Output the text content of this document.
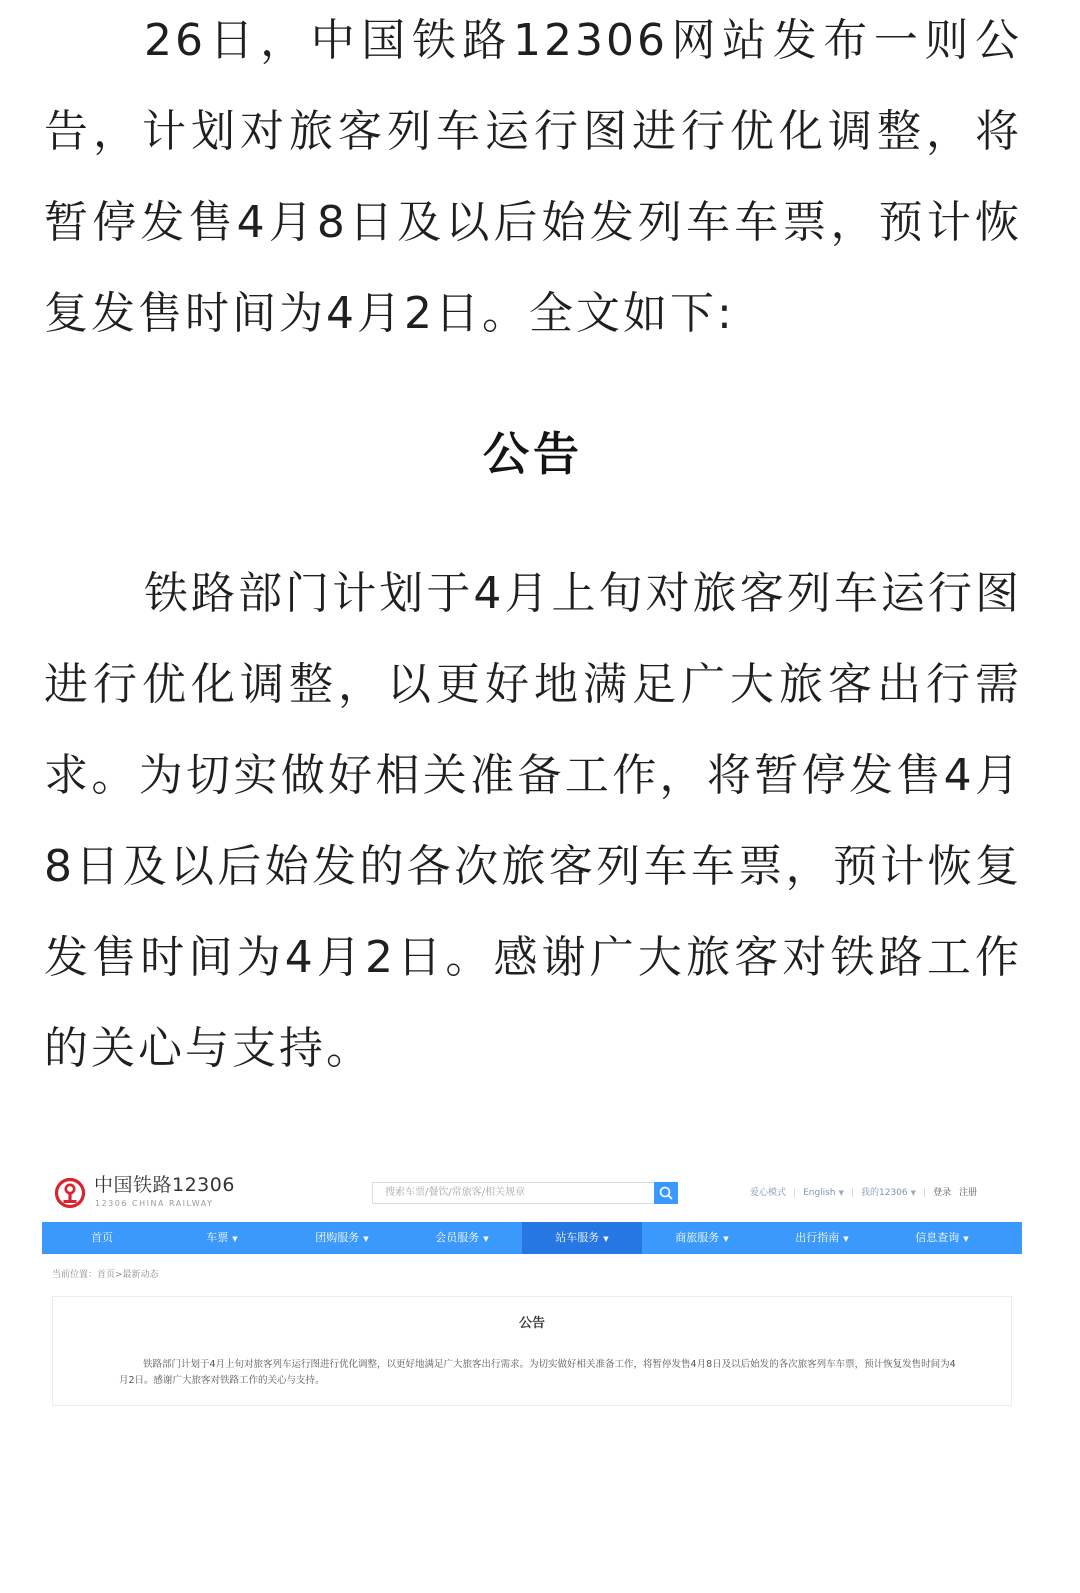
26日，中国铁路12306网站发布一则公告，计划对旅客列车运行图进行优化调整，将暂停发售4月8日及以后始发列车车票，预计恢复发售时间为4月2日。全文如下:

公告

铁路部门计划于4月上旬对旅客列车运行图进行优化调整，以更好地满足广大旅客出行需求。为切实做好相关准备工作，将暂停发售4月8日及以后始发的各次旅客列车车票，预计恢复发售时间为4月2日。感谢广大旅客对铁路工作的关心与支持。

中国铁路12306
12306 CHINA RAILWAY
搜索车票/餐饮/常旅客/相关规章	爱心模式 | English ▼ | 我的12306 ▼ | 登录 注册
首页	车票 ▼	团购服务 ▼	会员服务 ▼	站车服务 ▼	商旅服务 ▼	出行指南 ▼	信息查询 ▼
当前位置：首页>最新动态
公告

铁路部门计划于4月上旬对旅客列车运行图进行优化调整，以更好地满足广大旅客出行需求。为切实做好相关准备工作，将暂停发售4月8日及以后始发的各次旅客列车车票，预计恢复发售时间为4月2日。感谢广大旅客对铁路工作的关心与支持。
